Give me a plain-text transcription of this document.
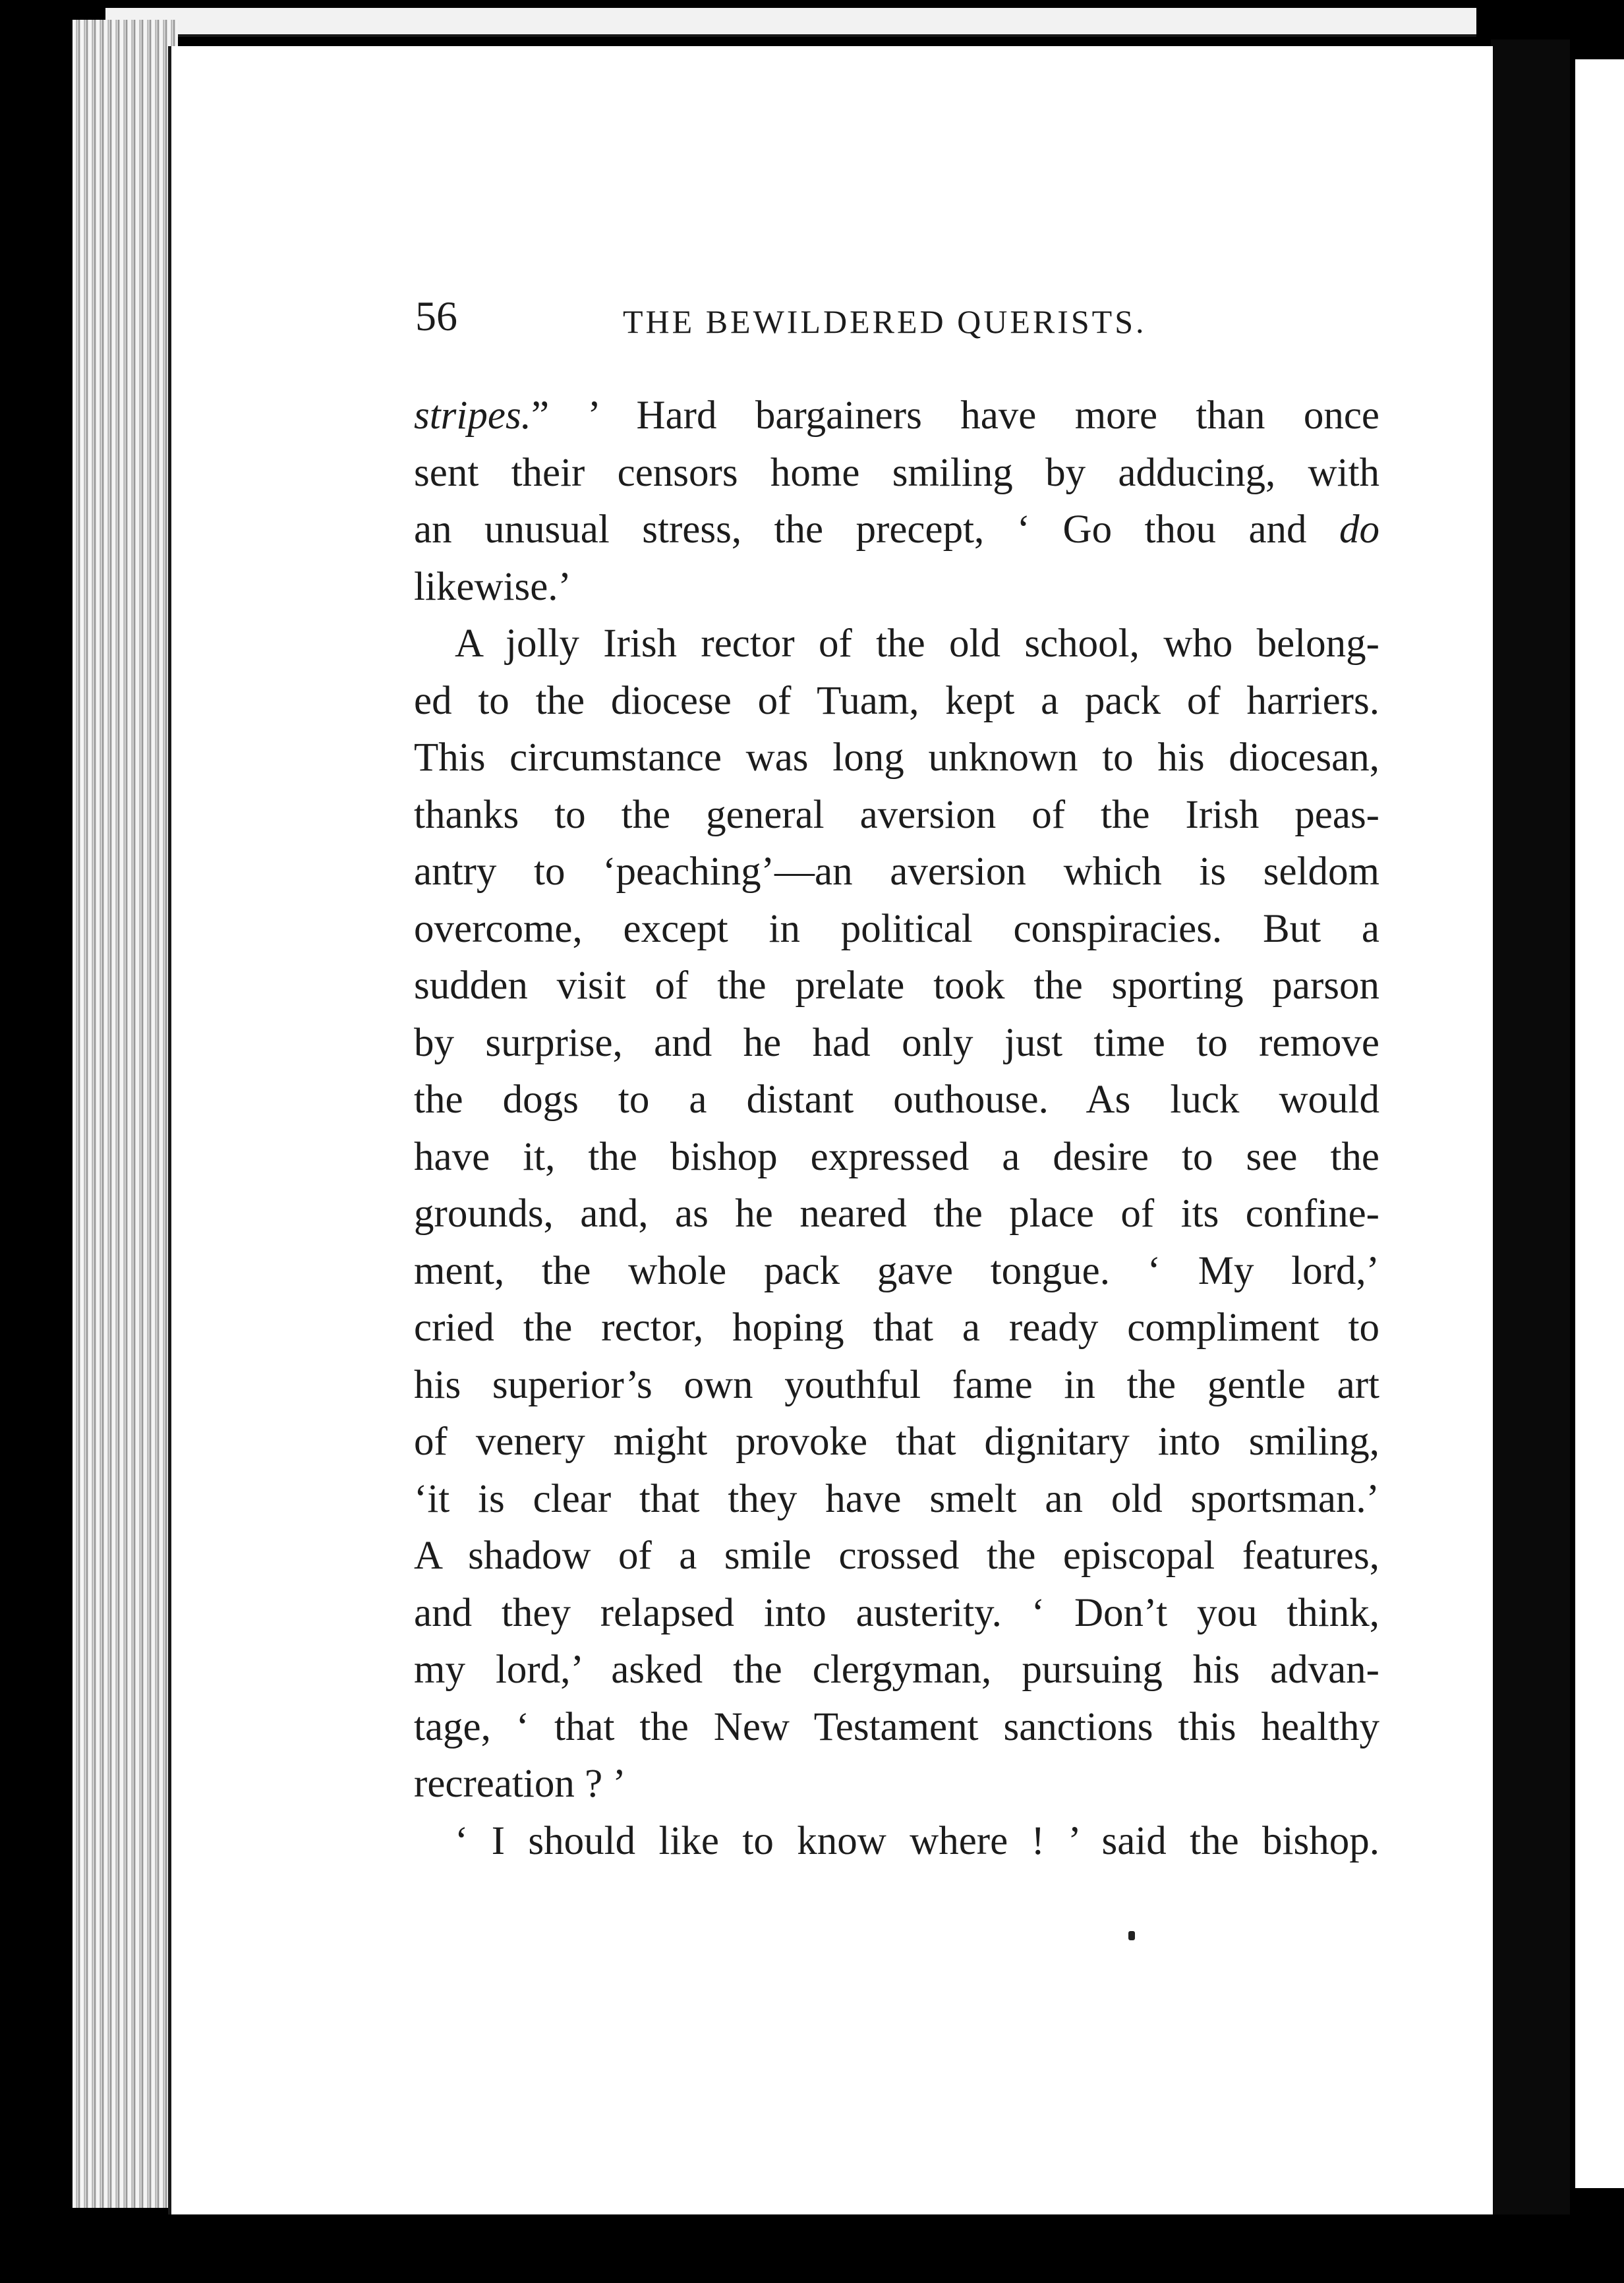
56	THE BEWILDERED QUERISTS.
stripes.” ’ Hard bargainers have more than once
sent their censors home smiling by adducing, with
an unusual stress, the precept, ‘ Go thou and do
likewise.’
A jolly Irish rector of the old school, who belong-
ed to the diocese of Tuam, kept a pack of harriers.
This circumstance was long unknown to his diocesan,
thanks to the general aversion of the Irish peas-
antry to ‘peaching’—an aversion which is seldom
overcome, except in political conspiracies. But a
sudden visit of the prelate took the sporting parson
by surprise, and he had only just time to remove
the dogs to a distant outhouse. As luck would
have it, the bishop expressed a desire to see the
grounds, and, as he neared the place of its confine-
ment, the whole pack gave tongue. ‘ My lord,’
cried the rector, hoping that a ready compliment to
his superior’s own youthful fame in the gentle art
of venery might provoke that dignitary into smiling,
‘it is clear that they have smelt an old sportsman.’
A shadow of a smile crossed the episcopal features,
and they relapsed into austerity. ‘ Don’t you think,
my lord,’ asked the clergyman, pursuing his advan-
tage, ‘ that the New Testament sanctions this healthy
recreation ? ’
‘ I should like to know where ! ’ said the bishop.
